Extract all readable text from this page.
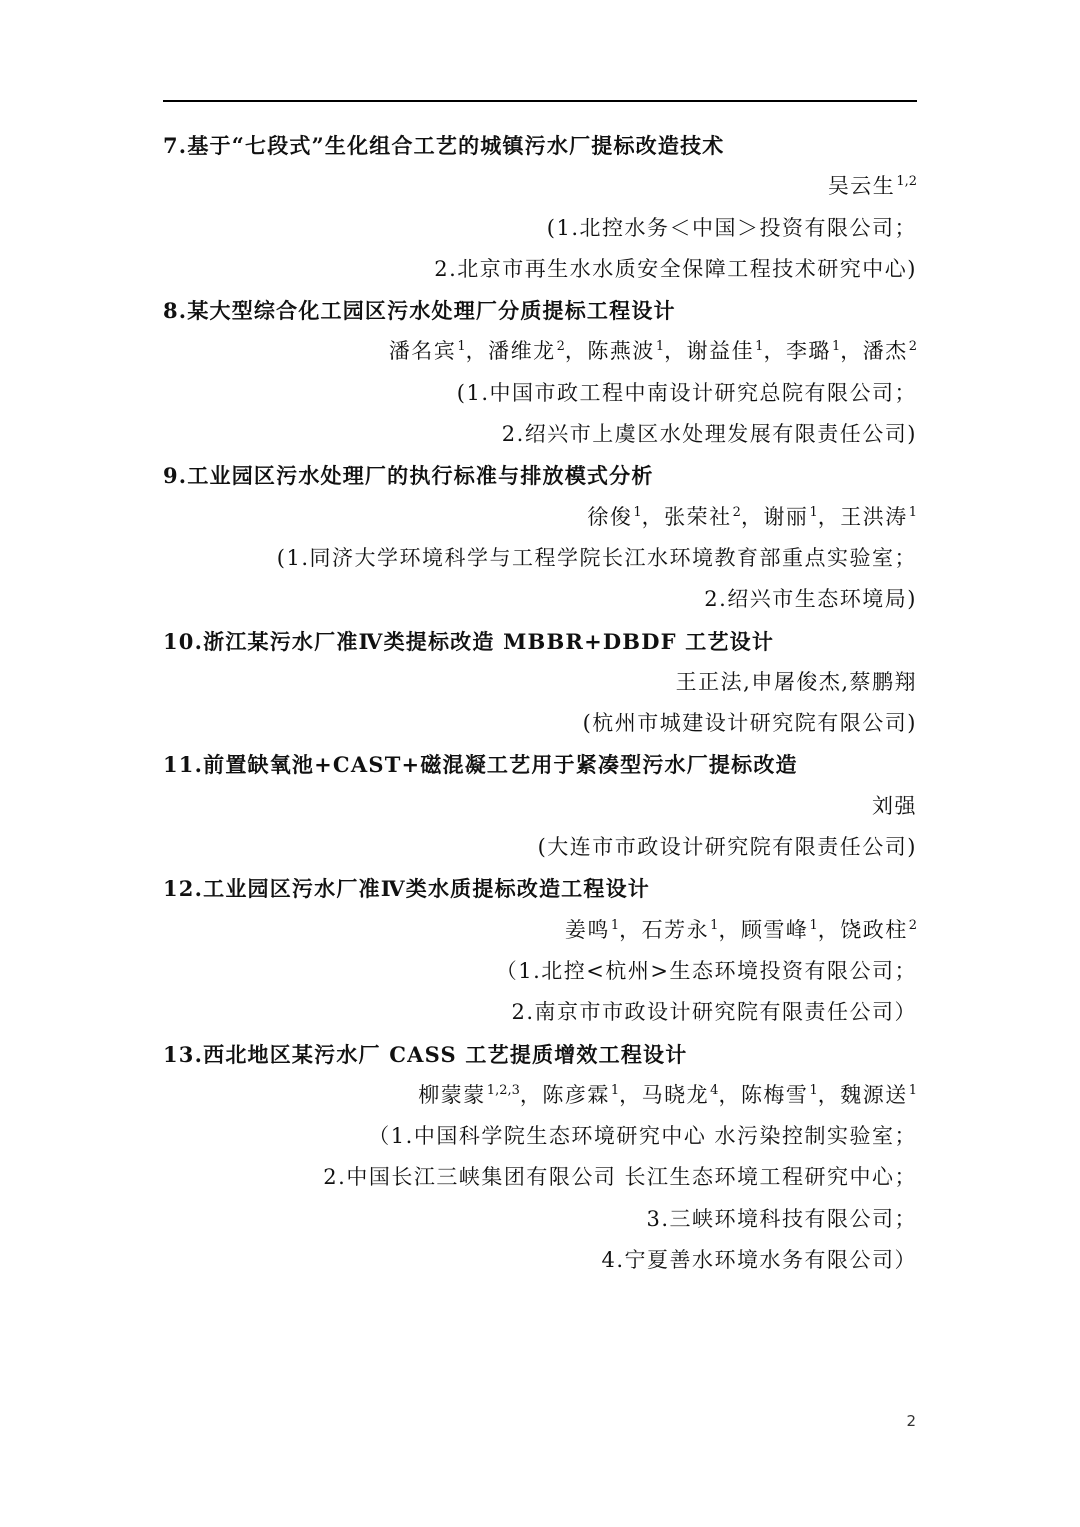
7.基于“七段式”生化组合工艺的城镇污水厂提标改造技术
吴云生$^{1,2}$
(1.北控水务＜中国＞投资有限公司；
2.北京市再生水水质安全保障工程技术研究中心)
8.某大型综合化工园区污水处理厂分质提标工程设计
潘名宾$^1$，潘维龙$^2$，陈燕波$^1$，谢益佳$^1$，李璐$^1$，潘杰$^2$
(1.中国市政工程中南设计研究总院有限公司；
2.绍兴市上虞区水处理发展有限责任公司)
9.工业园区污水处理厂的执行标准与排放模式分析
徐俊$^1$，张荣社$^2$，谢丽$^1$，王洪涛$^1$
(1.同济大学环境科学与工程学院长江水环境教育部重点实验室；
2.绍兴市生态环境局)
10.浙江某污水厂准Ⅳ类提标改造 MBBR+DBDF 工艺设计
王正法,申屠俊杰,蔡鹏翔
(杭州市城建设计研究院有限公司)
11.前置缺氧池+CAST+磁混凝工艺用于紧凑型污水厂提标改造
刘强
(大连市市政设计研究院有限责任公司)
12.工业园区污水厂准Ⅳ类水质提标改造工程设计
姜鸣$^1$，石芳永$^1$，顾雪峰$^1$，饶政柱$^2$
（1.北控<杭州>生态环境投资有限公司；
2.南京市市政设计研究院有限责任公司）
13.西北地区某污水厂 CASS 工艺提质增效工程设计
柳蒙蒙$^{1,2,3}$，陈彦霖$^1$，马晓龙$^4$，陈梅雪$^1$，魏源送$^1$
（1.中国科学院生态环境研究中心 水污染控制实验室；
2.中国长江三峡集团有限公司 长江生态环境工程研究中心；
3.三峡环境科技有限公司；
4.宁夏善水环境水务有限公司）
2
